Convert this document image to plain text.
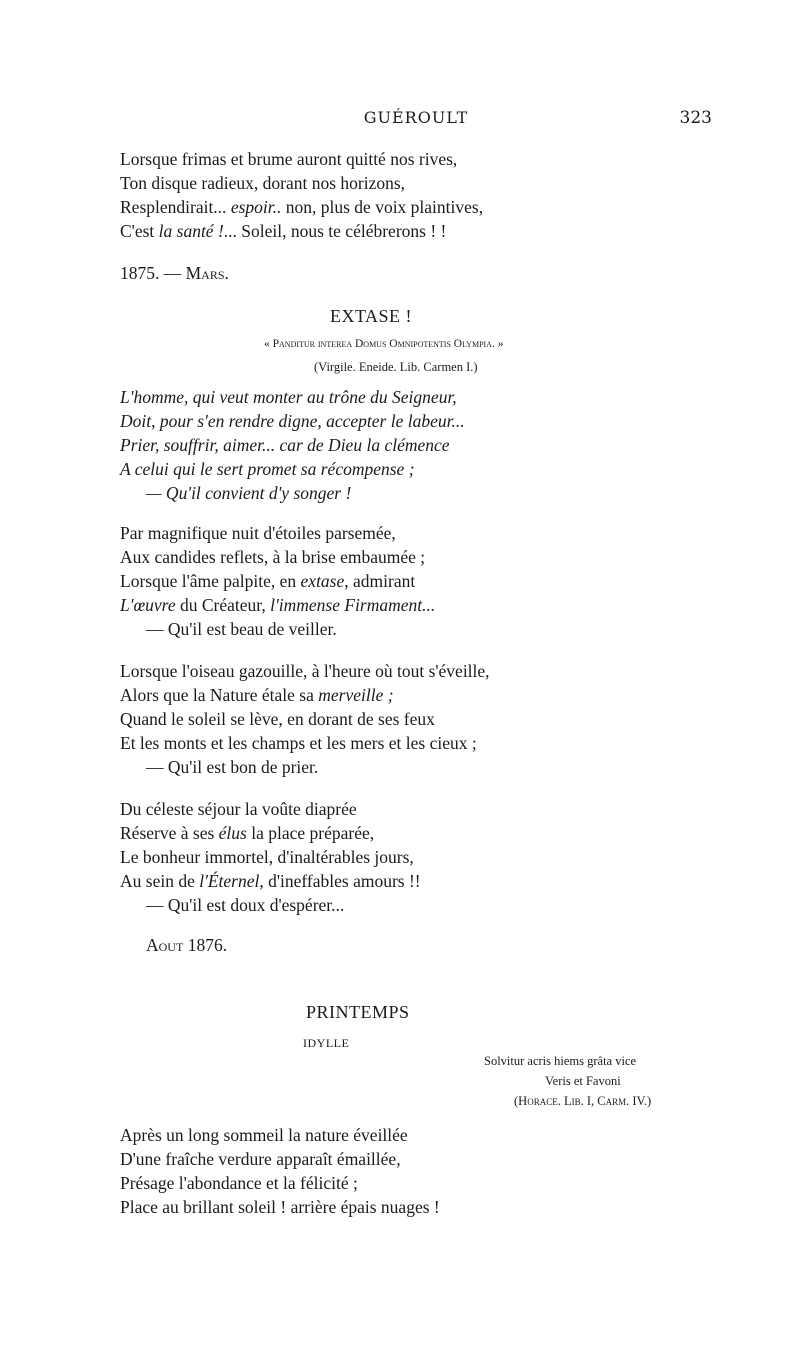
GUÉROULT	323
Lorsque frimas et brume auront quitté nos rives,
Ton disque radieux, dorant nos horizons,
Resplendirait... espoir.. non, plus de voix plaintives,
C'est la santé !... Soleil, nous te célébrerons ! !
1875. — Mars.
EXTASE !
« Panditur interea Domus Omnipotentis Olympia. »
(Virgile. Eneide. Lib. Carmen I.)
L'homme, qui veut monter au trône du Seigneur,
Doit, pour s'en rendre digne, accepter le labeur...
Prier, souffrir, aimer... car de Dieu la clémence
A celui qui le sert promet sa récompense ;
— Qu'il convient d'y songer !
Par magnifique nuit d'étoiles parsemée,
Aux candides reflets, à la brise embaumée ;
Lorsque l'âme palpite, en extase, admirant
L'œuvre du Créateur, l'immense Firmament...
— Qu'il est beau de veiller.
Lorsque l'oiseau gazouille, à l'heure où tout s'éveille,
Alors que la Nature étale sa merveille ;
Quand le soleil se lève, en dorant de ses feux
Et les monts et les champs et les mers et les cieux ;
— Qu'il est bon de prier.
Du céleste séjour la voûte diaprée
Réserve à ses élus la place préparée,
Le bonheur immortel, d'inaltérables jours,
Au sein de l'Éternel, d'ineffables amours !!
— Qu'il est doux d'espérer...
Aout 1876.
PRINTEMPS
IDYLLE
Solvitur acris hiems grâta vice
Veris et Favoni
(Horace. Lib. I, Carm. IV.)
Après un long sommeil la nature éveillée
D'une fraîche verdure apparaît émaillée,
Présage l'abondance et la félicité ;
Place au brillant soleil ! arrière épais nuages !
